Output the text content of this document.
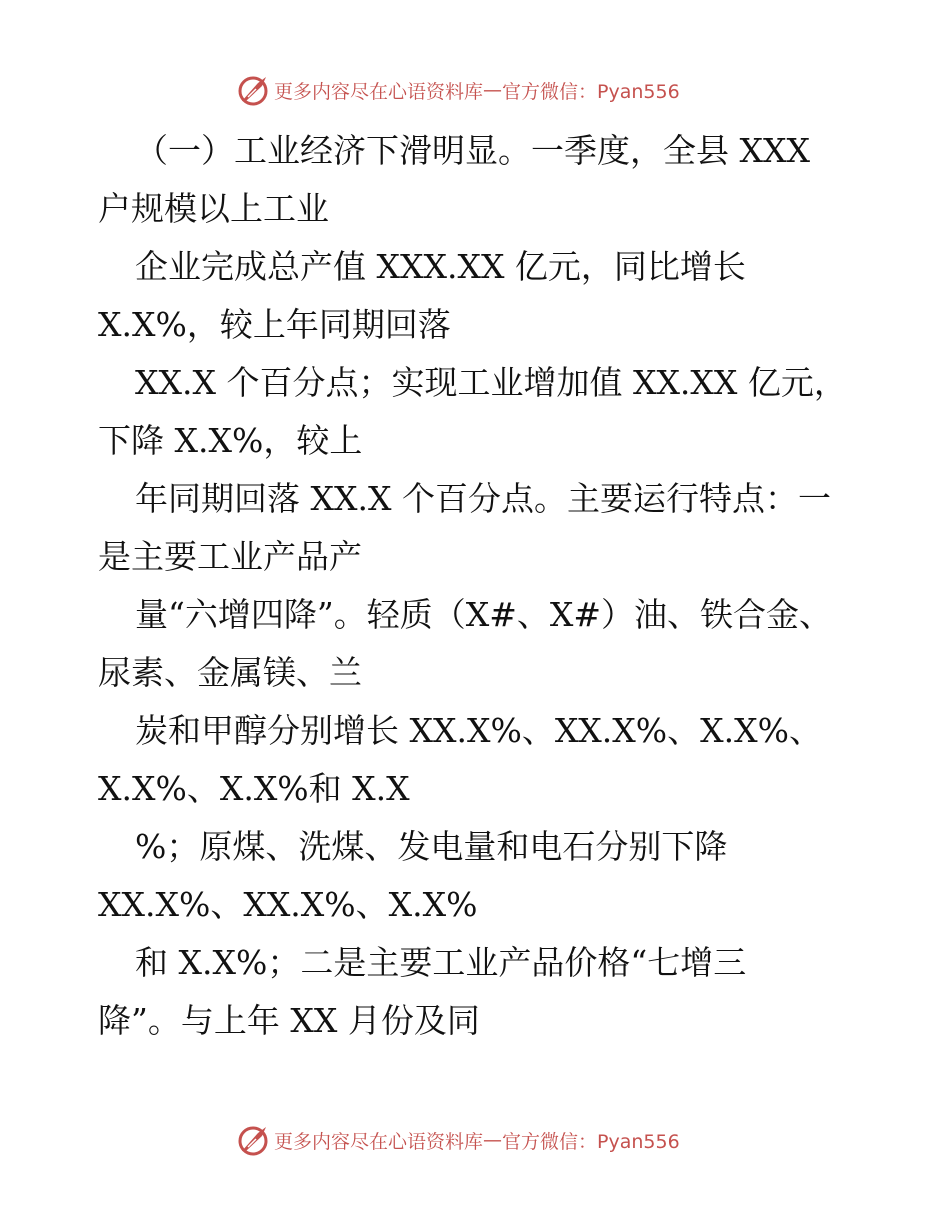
更多内容尽在心语资料库 — 官方微信：Pyan556
（一）工业经济下滑明显。一季度，全县 XXX
户规模以上工业
企业完成总产值 XXX.XX 亿元，同比增长
X.X%，较上年同期回落
XX.X 个百分点；实现工业增加值 XX.XX 亿元，
下降 X.X%，较上
年同期回落 XX.X 个百分点。主要运行特点：一
是主要工业产品产
量“六增四降”。轻质（X#、X#）油、铁合金、
尿素、金属镁、兰
炭和甲醇分别增长 XX.X%、XX.X%、X.X%、
X.X%、X.X%和 X.X
%；原煤、洗煤、发电量和电石分别下降
XX.X%、XX.X%、X.X%
和 X.X%；二是主要工业产品价格“七增三
降”。与上年 XX 月份及同
更多内容尽在心语资料库 — 官方微信：Pyan556
